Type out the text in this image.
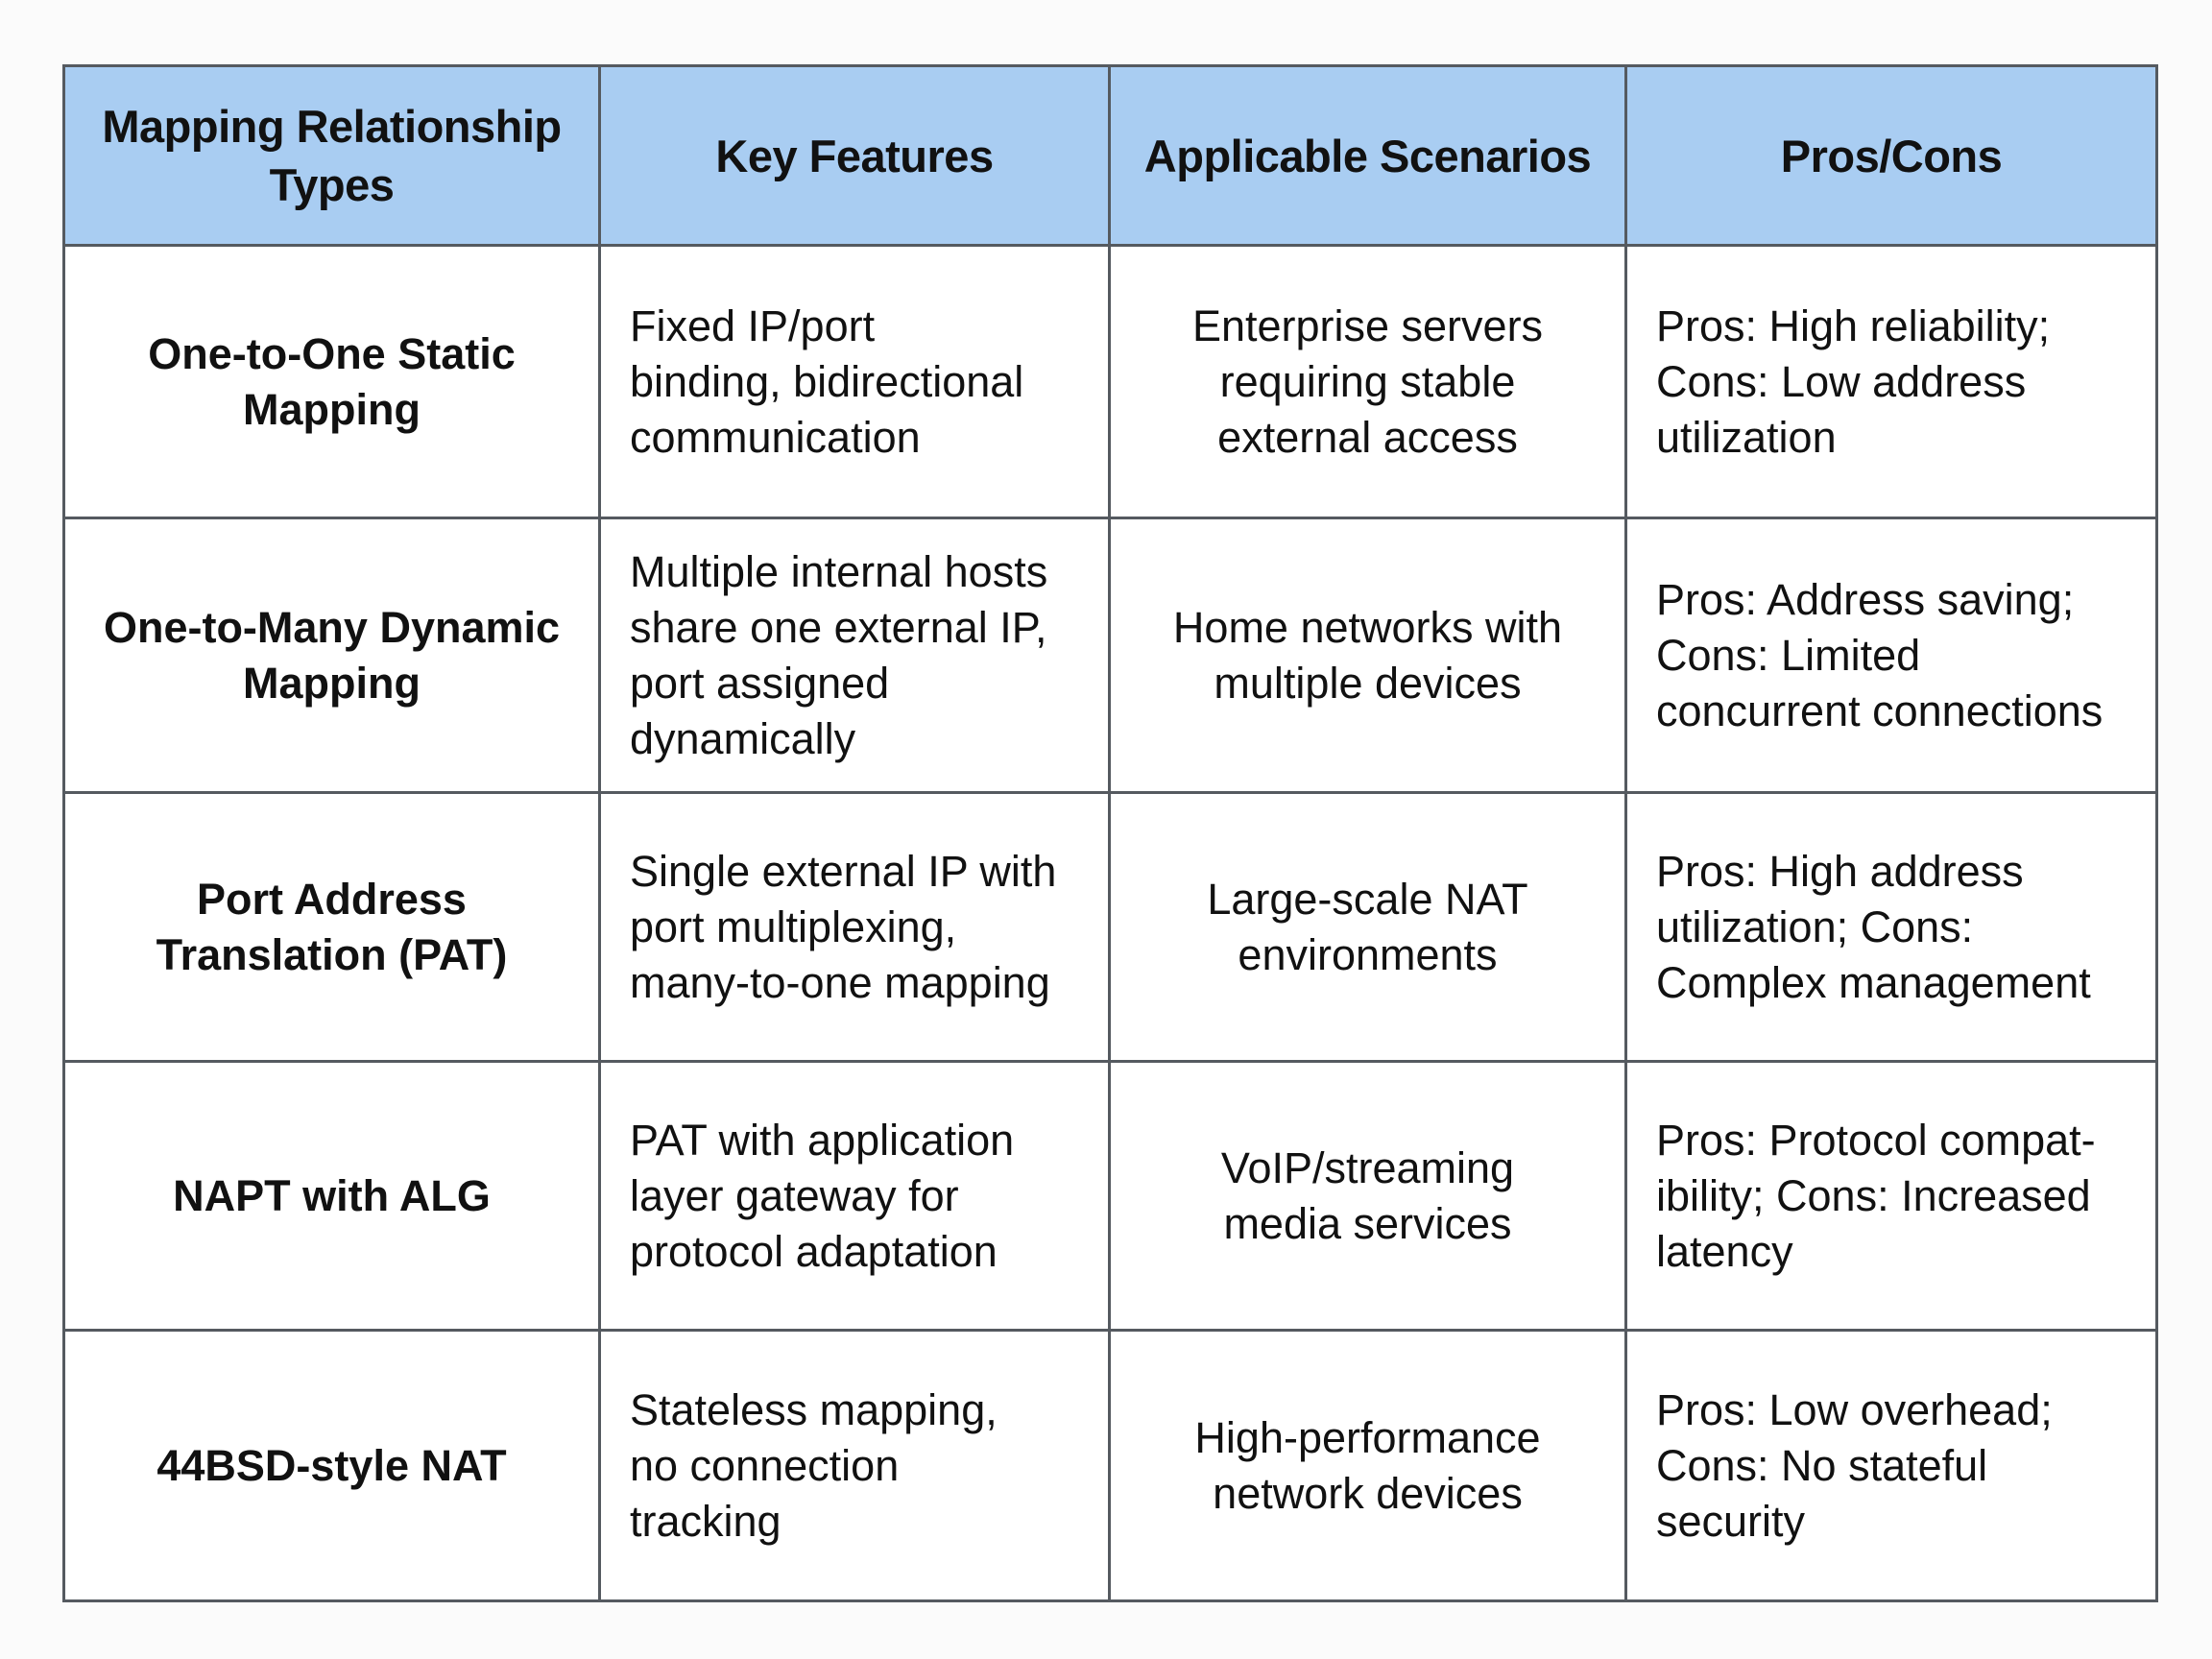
Mapping Relationship Types	Key Features	Applicable Scenarios	Pros/Cons

One-to-One Static Mapping	Fixed IP/port binding, bidirectional communication	Enterprise servers requiring stable external access	Pros: High reliability; Cons: Low address utilization

One-to-Many Dynamic Mapping	Multiple internal hosts share one external IP, port assigned dynamically	Home networks with multiple devices	Pros: Address saving; Cons: Limited concurrent connections

Port Address Translation (PAT)	Single external IP with port multiplexing, many-to-one mapping	Large-scale NAT environments	Pros: High address utilization; Cons: Complex management

NAPT with ALG	PAT with application layer gateway for protocol adaptation	VoIP/streaming media services	Pros: Protocol compat-ibility; Cons: Increased latency

44BSD-style NAT	Stateless mapping, no connection tracking	High-performance network devices	Pros: Low overhead; Cons: No stateful security
